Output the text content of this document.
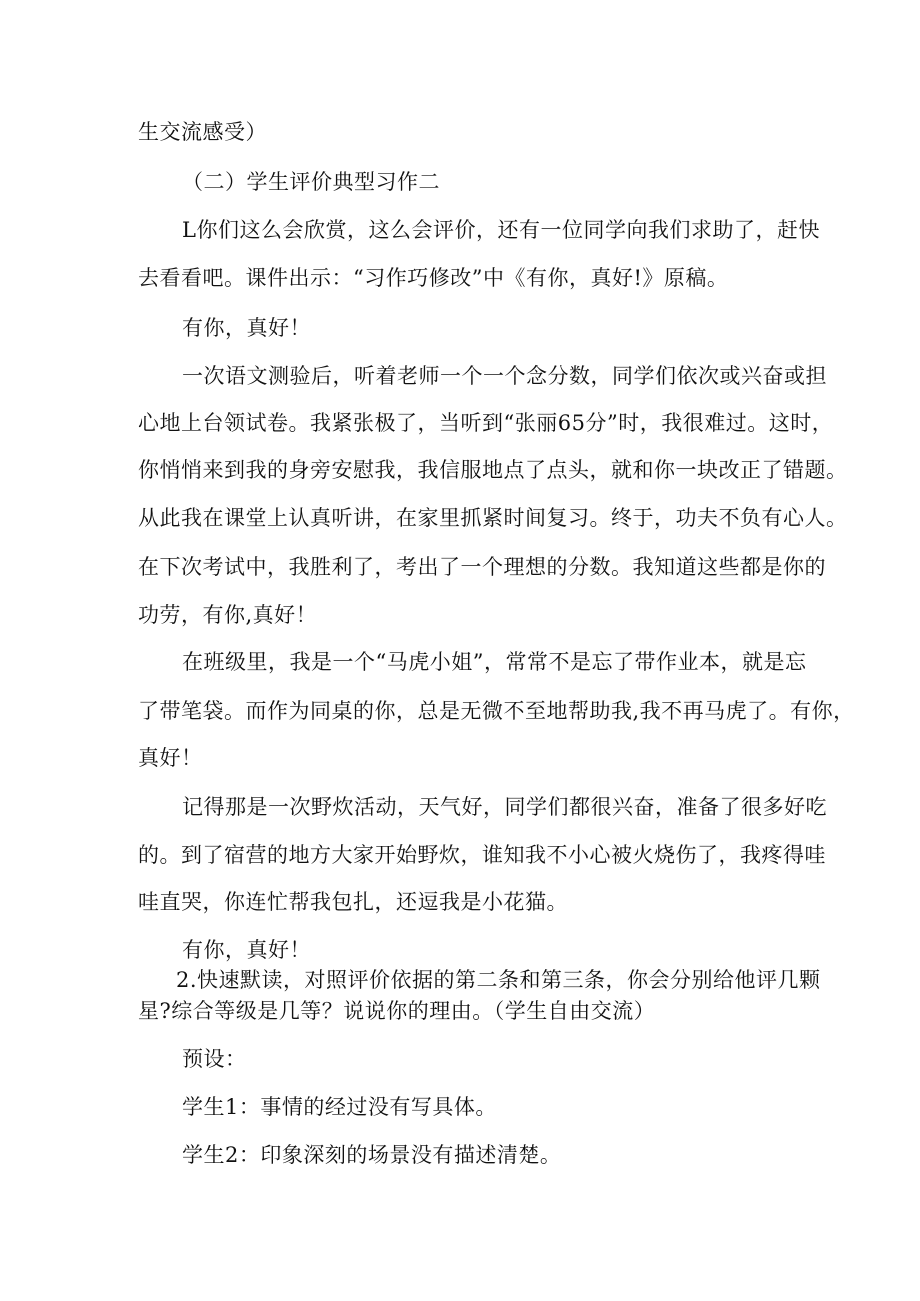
生交流感受）
（二）学生评价典型习作二
L你们这么会欣赏，这么会评价，还有一位同学向我们求助了，赶快
去看看吧。课件出示：“习作巧修改”中《有你，真好!》原稿。
有你，真好！
一次语文测验后，听着老师一个一个念分数，同学们依次或兴奋或担
心地上台领试卷。我紧张极了，当听到“张丽65分”时，我很难过。这时，
你悄悄来到我的身旁安慰我，我信服地点了点头，就和你一块改正了错题。
从此我在课堂上认真听讲，在家里抓紧时间复习。终于，功夫不负有心人。
在下次考试中，我胜利了，考出了一个理想的分数。我知道这些都是你的
功劳，有你,真好！
在班级里，我是一个“马虎小姐”，常常不是忘了带作业本，就是忘
了带笔袋。而作为同桌的你，总是无微不至地帮助我,我不再马虎了。有你，
真好！
记得那是一次野炊活动，天气好，同学们都很兴奋，准备了很多好吃
的。到了宿营的地方大家开始野炊，谁知我不小心被火烧伤了，我疼得哇
哇直哭，你连忙帮我包扎，还逗我是小花猫。
有你，真好！
2.快速默读，对照评价依据的第二条和第三条，你会分别给他评几颗
星?综合等级是几等？说说你的理由。（学生自由交流）
预设：
学生1：事情的经过没有写具体。
学生2：印象深刻的场景没有描述清楚。
